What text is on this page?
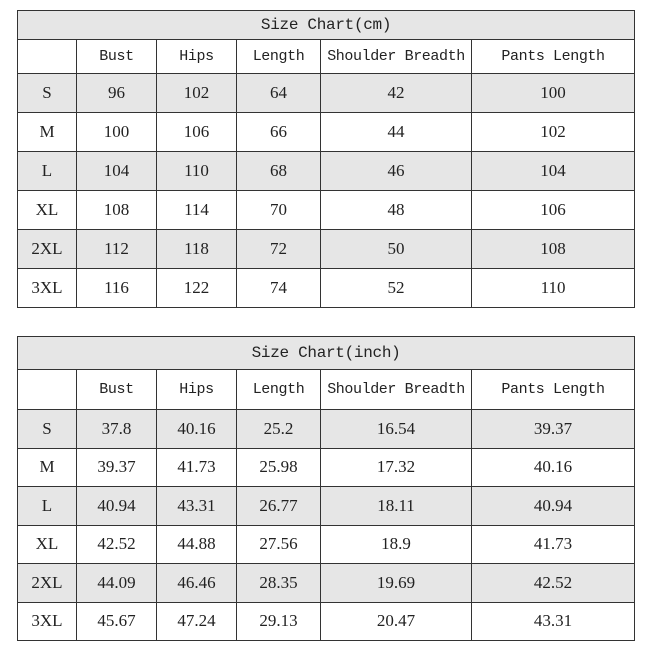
Size Chart(cm)					
	Bust	Hips	Length	Shoulder Breadth	Pants Length
S	96	102	64	42	100
M	100	106	66	44	102
L	104	110	68	46	104
XL	108	114	70	48	106
2XL	112	118	72	50	108
3XL	116	122	74	52	110
Size Chart(inch)					
	Bust	Hips	Length	Shoulder Breadth	Pants Length
S	37.8	40.16	25.2	16.54	39.37
M	39.37	41.73	25.98	17.32	40.16
L	40.94	43.31	26.77	18.11	40.94
XL	42.52	44.88	27.56	18.9	41.73
2XL	44.09	46.46	28.35	19.69	42.52
3XL	45.67	47.24	29.13	20.47	43.31
